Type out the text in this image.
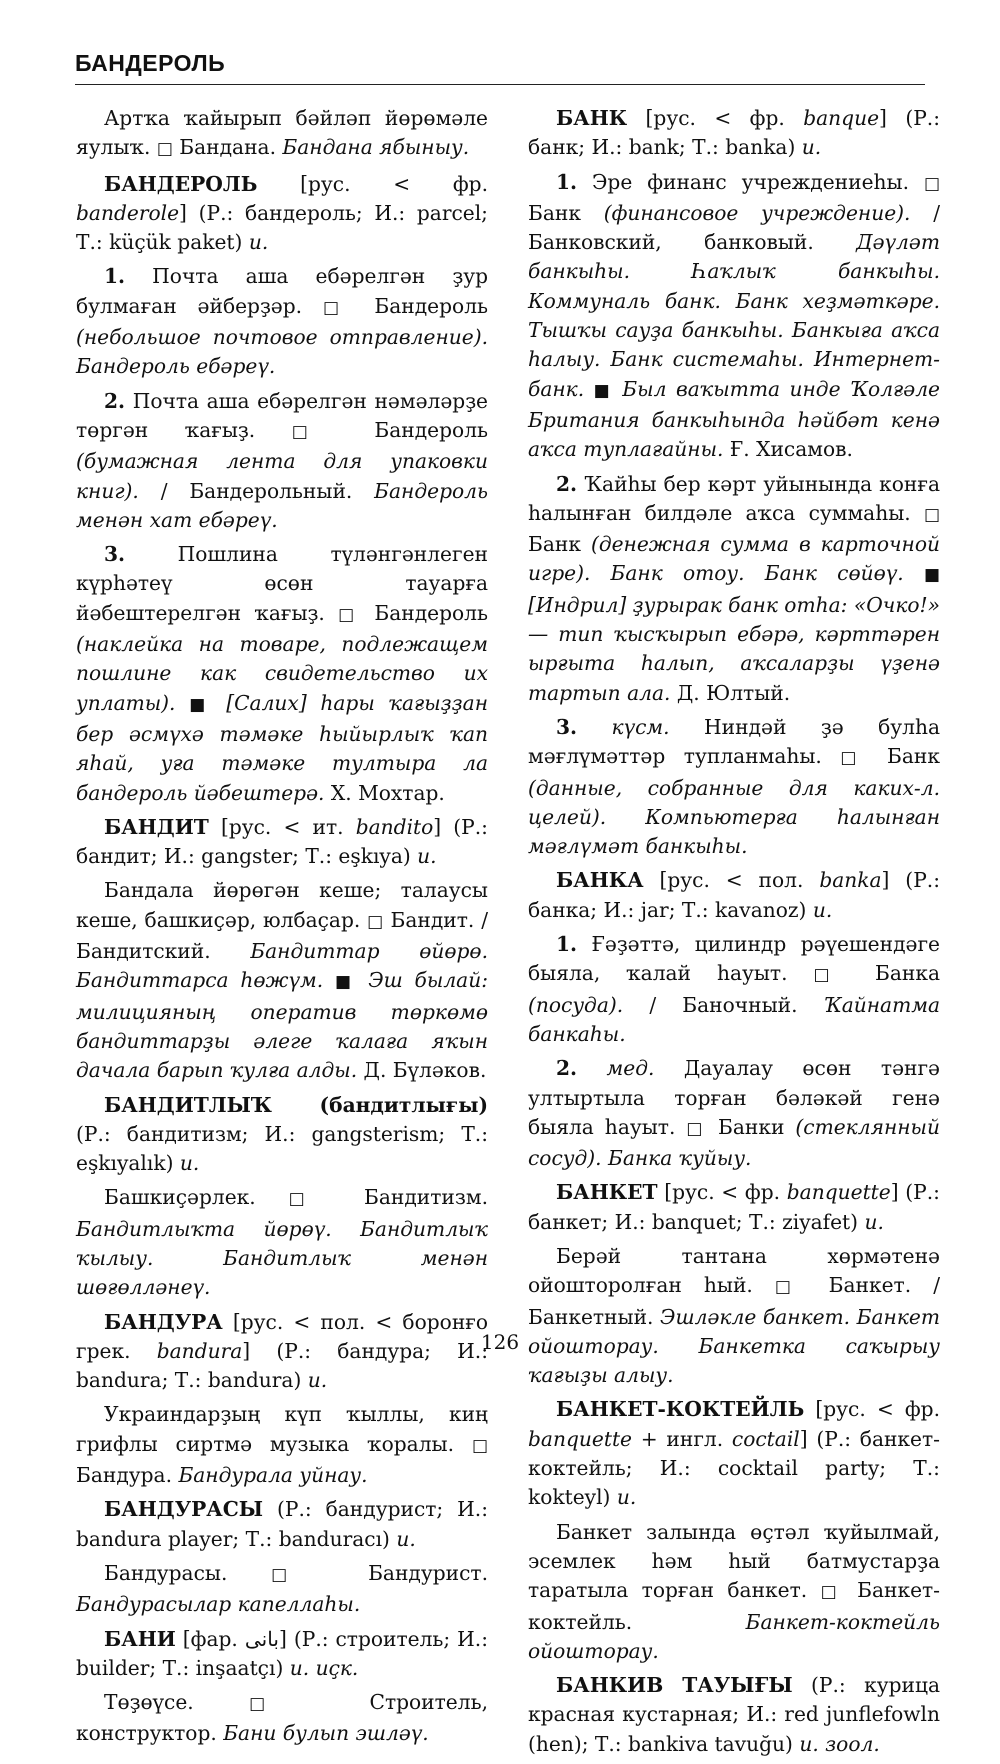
БАНДЕРОЛЬ

Артҡа ҡайырып бәйләп йөрөмәле яулыҡ. □ Бандана. Бандана ябыныу.

БАНДЕРОЛЬ [рус. < фр. banderole] (Р.: бандероль; И.: parcel; Т.: küçük paket) и.

1. Почта аша ебәрелгән ҙур булмаған әйберҙәр. □ Бандероль (небольшое почтовое отправление). Бандероль ебәреү.

2. Почта аша ебәрелгән нәмәләрҙе төргән ҡағыҙ. □ Бандероль (бумажная лента для упаковки книг). / Бандерольный. Бандероль менән хат ебәреү.

3. Пошлина түләнгәнлеген күрһәтеү өсөн тауарға йәбештерелгән ҡағыҙ. □ Бандероль (наклейка на товаре, подлежащем пошлине как свидетельство их уплаты). ■ [Салих] һары ҡағыҙҙан бер әсмүхә тәмәке һыйырлыҡ ҡап яһай, уға тәмәке тултыра ла бандероль йәбештерә. Х. Мохтар.

БАНДИТ [рус. < ит. bandito] (Р.: бандит; И.: gangster; Т.: eşkıya) и.

Бандала йөрөгән кеше; талаусы кеше, башкиҫәр, юлбаҫар. □ Бандит. / Бандитский. Бандиттар өйөрө. Бандиттарса һөжүм. ■ Эш былай: милицияның оператив төркөмө бандиттарҙы әлеге ҡалаға яҡын дачала барып ҡулға алды. Д. Бүләков.

БАНДИТЛЫҠ (бандитлығы) (Р.: бандитизм; И.: gangsterism; Т.: eşkıyalık) и.

Башкиҫәрлек. □ Бандитизм. Бандитлыҡта йөрөү. Бандитлыҡ ҡылыу. Бандитлыҡ менән шөғөлләнеү.

БАНДУРА [рус. < пол. < боронғо грек. bandura] (Р.: бандура; И.: bandura; Т.: bandura) и.

Украиндарҙың күп ҡыллы, киң грифлы сиртмә музыка ҡоралы. □ Бандура. Бандурала уйнау.

БАНДУРАСЫ (Р.: бандурист; И.: bandura player; Т.: banduracı) и.

Бандурасы. □ Бандурист. Бандурасылар капеллаһы.

БАНИ [фар. بانی] (Р.: строитель; И.: builder; Т.: inşaatçı) и. иҫк.

Төҙөүсе. □ Строитель, конструктор. Бани булып эшләү.

БАНК [рус. < фр. banque] (Р.: банк; И.: bank; Т.: banka) и.

1. Эре финанс учреждениеһы. □ Банк (финансовое учреждение). / Банковский, банковый. Дәүләт банкыһы. Һаҡлыҡ банкыһы. Коммуналь банк. Банк хеҙмәткәре. Тышҡы сауҙа банкыһы. Банкыға аҡса һалыу. Банк системаһы. Интернет-банк. ■ Был ваҡытта инде Ҡолғәле Британия банкыһында һәйбәт кенә аҡса туплағайны. Ғ. Хисамов.

2. Ҡайһы бер кәрт уйынында конға һалынған билдәле аҡса суммаһы. □ Банк (денежная сумма в карточной игре). Банк отоу. Банк сөйөү. ■ [Индрил] ҙурырак банк отһа: «Очко!» — тип ҡысҡырып ебәрә, кәрттәрен ырғыта һалып, аҡсаларҙы үҙенә тартып ала. Д. Юлтый.

3. күсм. Ниндәй ҙә булһа мәғлүмәттәр тупланмаһы. □ Банк (данные, собранные для каких-л. целей). Компьютерға һалынған мәғлүмәт банкыһы.

БАНКА [рус. < пол. banka] (Р.: банка; И.: jar; Т.: kavanoz) и.

1. Ғәҙәттә, цилиндр рәүешендәге быяла, ҡалай һауыт. □ Банка (посуда). / Баночный. Ҡайнатма банкаһы.

2. мед. Дауалау өсөн тәнгә ултыртыла торған бәләкәй генә быяла һауыт. □ Банки (стеклянный сосуд). Банка ҡуйыу.

БАНКЕТ [рус. < фр. banquette] (Р.: банкет; И.: banquet; Т.: ziyafet) и.

Берәй тантана хөрмәтенә ойошторолған һый. □ Банкет. / Банкетный. Эшләкле банкет. Банкет ойошторау. Банкетка саҡырыу ҡағыҙы алыу.

БАНКЕТ-КОКТЕЙЛЬ [рус. < фр. banquette + ингл. coctail] (Р.: банкет-коктейль; И.: cocktail party; Т.: kokteyl) и.

Банкет залында өҫтәл ҡуйылмай, эсемлек һәм һый батмустарҙа таратыла торған банкет. □ Банкет-коктейль. Банкет-коктейль ойошторау.

БАНКИВ ТАУЫҒЫ (Р.: курица красная кустарная; И.: red junflefowln (hen); Т.: bankiva tavuğu) и. зоол.

126
